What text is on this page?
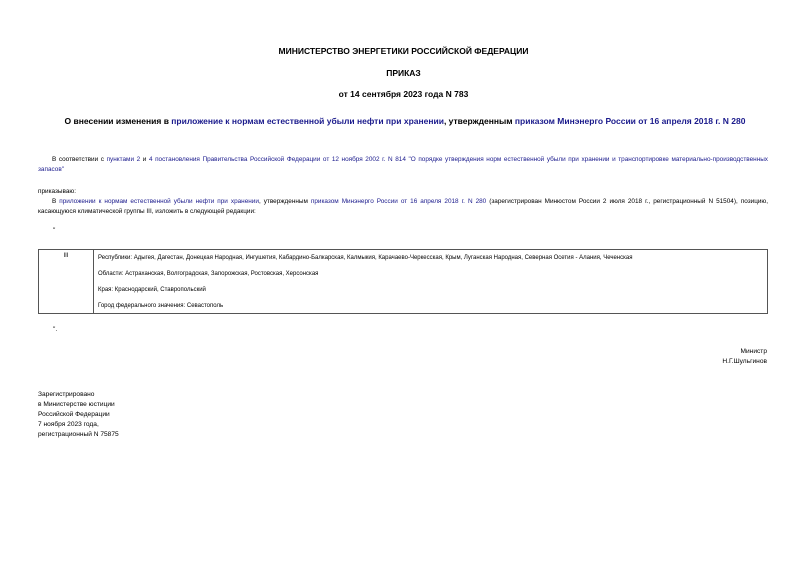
МИНИСТЕРСТВО ЭНЕРГЕТИКИ РОССИЙСКОЙ ФЕДЕРАЦИИ
ПРИКАЗ
от 14 сентября 2023 года N 783
О внесении изменения в приложение к нормам естественной убыли нефти при хранении, утвержденным приказом Минэнерго России от 16 апреля 2018 г. N 280
В соответствии с пунктами 2 и 4 постановления Правительства Российской Федерации от 12 ноября 2002 г. N 814 "О порядке утверждения норм естественной убыли при хранении и транспортировке материально-производственных запасов"
приказываю:
В приложении к нормам естественной убыли нефти при хранении, утвержденным приказом Минэнерго России от 16 апреля 2018 г. N 280 (зарегистрирован Минюстом России 2 июля 2018 г., регистрационный N 51504), позицию, касающуюся климатической группы III, изложить в следующей редакции:
"
III	Республики: Адыгея, Дагестан, Донецкая Народная, Ингушетия, Кабардино-Балкарская, Калмыкия, Карачаево-Черкесская, Крым, Луганская Народная, Северная Осетия - Алания, Чеченская
Области: Астраханская, Волгоградская, Запорожская, Ростовская, Херсонская
Края: Краснодарский, Ставропольский
Город федерального значения: Севастополь
".
Министр
Н.Г.Шульгинов
Зарегистрировано
в Министерстве юстиции
Российской Федерации
7 ноября 2023 года,
регистрационный N 75875
